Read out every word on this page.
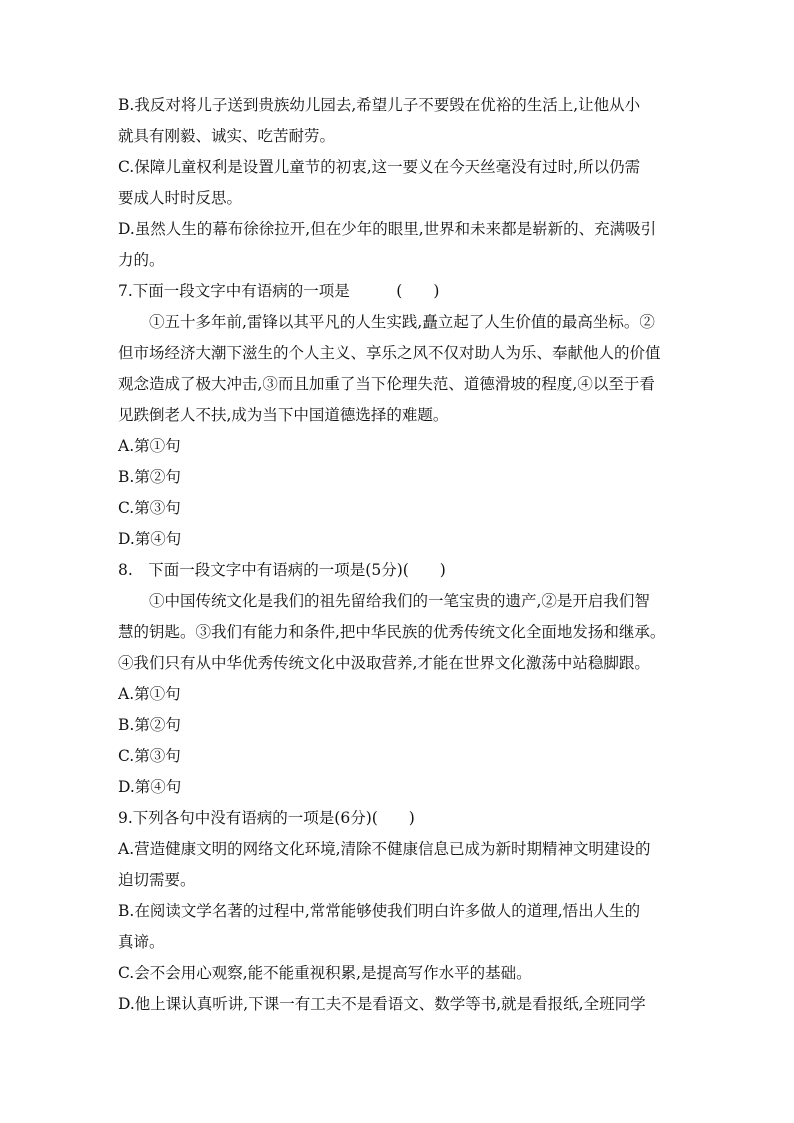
B.我反对将儿子送到贵族幼儿园去,希望儿子不要毁在优裕的生活上,让他从小
就具有刚毅、诚实、吃苦耐劳。
C.保障儿童权利是设置儿童节的初衷,这一要义在今天丝毫没有过时,所以仍需
要成人时时反思。
D.虽然人生的幕布徐徐拉开,但在少年的眼里,世界和未来都是崭新的、充满吸引
力的。
7.下面一段文字中有语病的一项是　　　(　　)
①五十多年前,雷锋以其平凡的人生实践,矗立起了人生价值的最高坐标。②
但市场经济大潮下滋生的个人主义、享乐之风不仅对助人为乐、奉献他人的价值
观念造成了极大冲击,③而且加重了当下伦理失范、道德滑坡的程度,④以至于看
见跌倒老人不扶,成为当下中国道德选择的难题。
A.第①句
B.第②句
C.第③句
D.第④句
8.　下面一段文字中有语病的一项是(5分)(　　)
①中国传统文化是我们的祖先留给我们的一笔宝贵的遗产,②是开启我们智
慧的钥匙。③我们有能力和条件,把中华民族的优秀传统文化全面地发扬和继承。
④我们只有从中华优秀传统文化中汲取营养,才能在世界文化激荡中站稳脚跟。
A.第①句
B.第②句
C.第③句
D.第④句
9.下列各句中没有语病的一项是(6分)(　　)
A.营造健康文明的网络文化环境,清除不健康信息已成为新时期精神文明建设的
迫切需要。
B.在阅读文学名著的过程中,常常能够使我们明白许多做人的道理,悟出人生的
真谛。
C.会不会用心观察,能不能重视积累,是提高写作水平的基础。
D.他上课认真听讲,下课一有工夫不是看语文、数学等书,就是看报纸,全班同学
